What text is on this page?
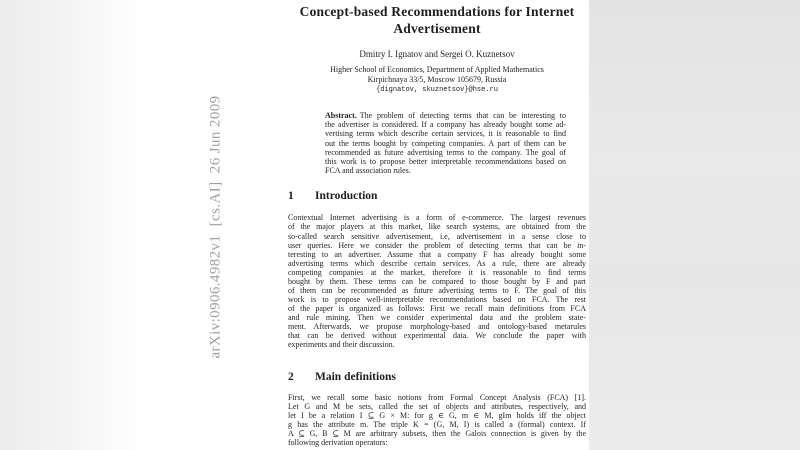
arXiv:0906.4982v1  [cs.AI]  26 Jun 2009
Concept-based Recommendations for Internet
Advertisement
Dmitry I. Ignatov and Sergei O. Kuznetsov
Higher School of Economics, Department of Applied Mathematics
Kirpichnaya 33/5, Moscow 105679, Russia
{dignatov, skuznetsov}@hse.ru
Abstract. The problem of detecting terms that can be interesting to
the advertiser is considered. If a company has already bought some ad-
vertising terms which describe certain services, it is reasonable to find
out the terms bought by competing companies. A part of them can be
recommended as future advertising terms to the company. The goal of
this work is to propose better interpretable recommendations based on
FCA and association rules.
1 Introduction
Contextual Internet advertising is a form of e-commerce. The largest revenues
of the major players at this market, like search systems, are obtained from the
so-called search sensitive advertisement, i.e, advertisement in a sense close to
user queries. Here we consider the problem of detecting terms that can be in-
teresting to an advertiser. Assume that a company F has already bought some
advertising terms which describe certain services. As a rule, there are already
competing companies at the market, therefore it is reasonable to find terms
bought by them. These terms can be compared to those bought by F and part
of them can be recommended as future advertising terms to F. The goal of this
work is to propose well-interpretable recommendations based on FCA. The rest
of the paper is organized as follows: First we recall main definitions from FCA
and rule mining. Then we consider experimental data and the problem state-
ment. Afterwards, we propose morphology-based and ontology-based metarules
that can be derived without experimental data. We conclude the paper with
experiments and their discussion.
2 Main definitions
First, we recall some basic notions from Formal Concept Analysis (FCA) [1].
Let G and M be sets, called the set of objects and attributes, respectively, and
let I be a relation I ⊆ G × M: for g ∈ G, m ∈ M, gIm holds iff the object
g has the attribute m. The triple K = (G, M, I) is called a (formal) context. If
A ⊆ G, B ⊆ M are arbitrary subsets, then the Galois connection is given by the
following derivation operators:
